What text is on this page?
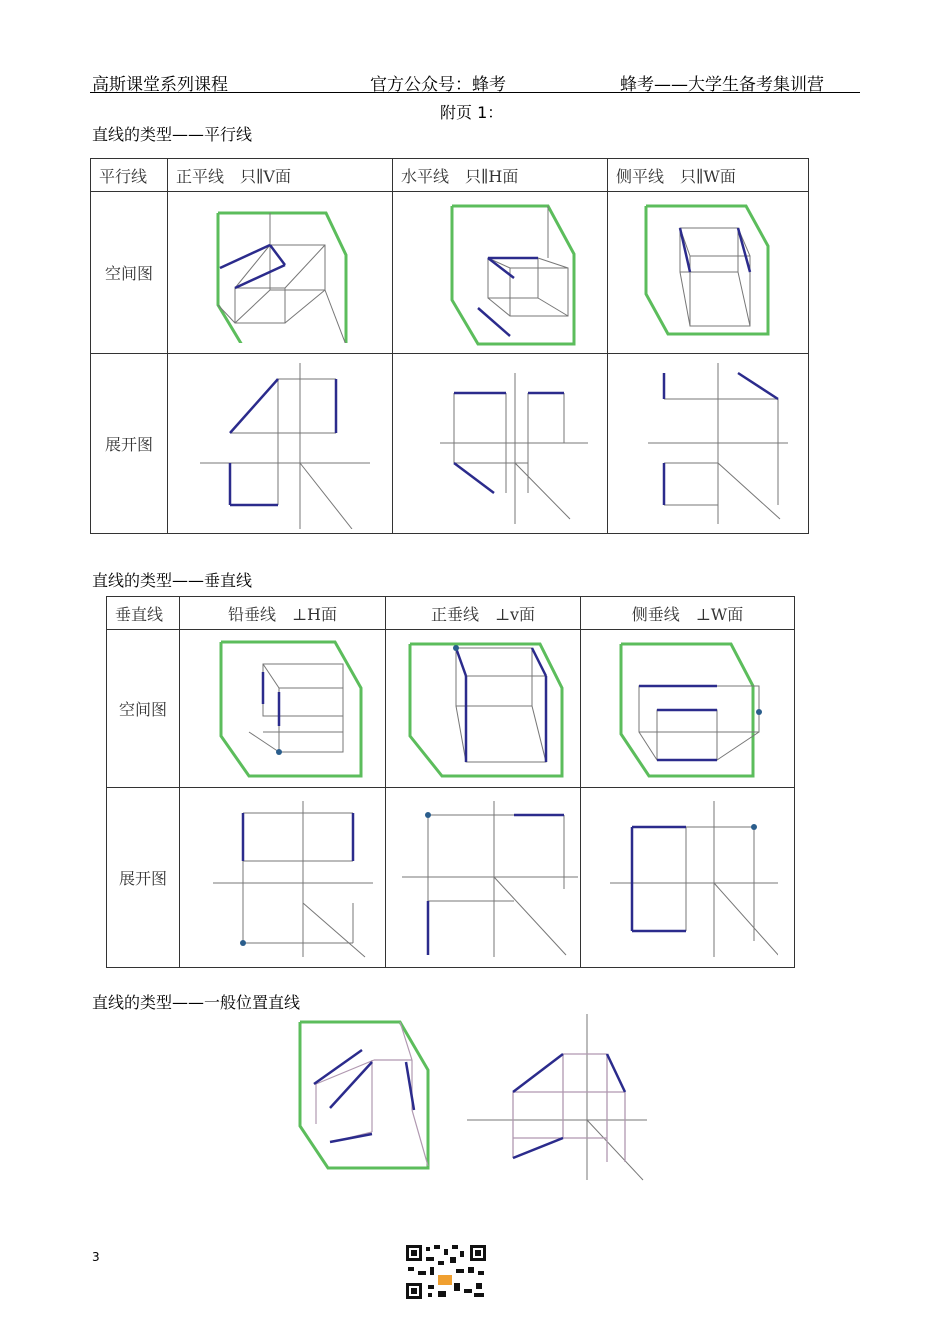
高斯课堂系列课程	官方公众号：蜂考	蜂考——大学生备考集训营
附页 1：
直线的类型——平行线
平行线	正平线　只∥V面	水平线　只∥H面	侧平线　只∥W面
空间图	

展开图	

直线的类型——垂直线
垂直线	铅垂线　⊥H面	正垂线　⊥v面	侧垂线　⊥W面
空间图	

展开图	

直线的类型——一般位置直线
3
